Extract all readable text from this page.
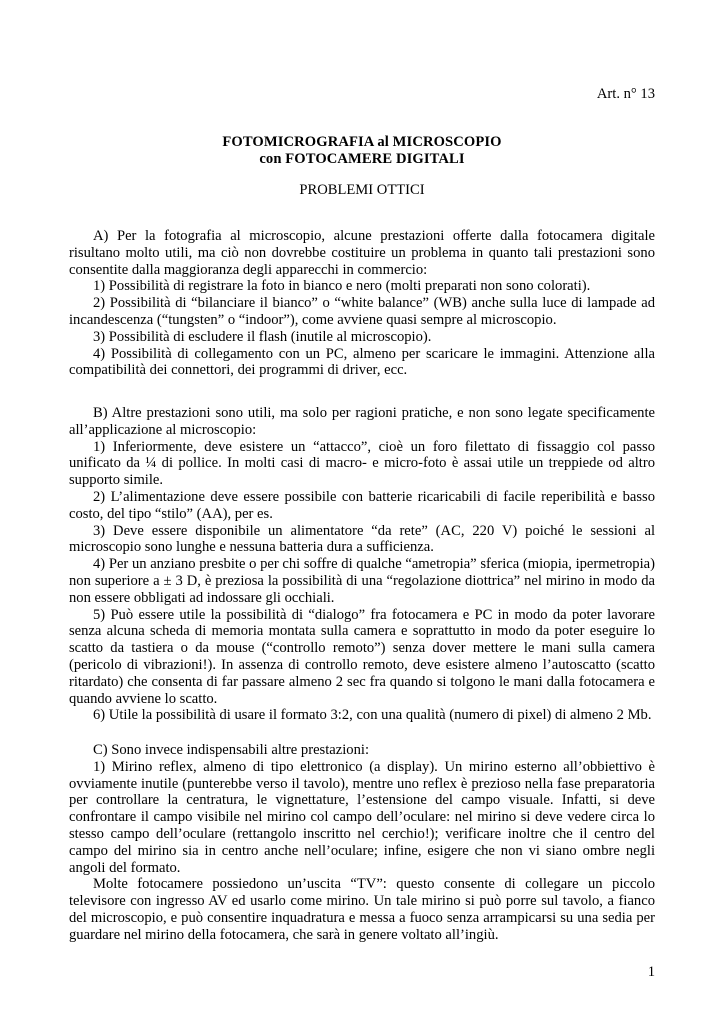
Art. n° 13
FOTOMICROGRAFIA al MICROSCOPIO
con FOTOCAMERE DIGITALI
PROBLEMI OTTICI

A) Per la fotografia al microscopio, alcune prestazioni offerte dalla fotocamera digitale risultano molto utili, ma ciò non dovrebbe costituire un problema in quanto tali prestazioni sono consentite dalla maggioranza degli apparecchi in commercio:

1) Possibilità di registrare la foto in bianco e nero (molti preparati non sono colorati).

2) Possibilità di “bilanciare il bianco” o “white balance” (WB) anche sulla luce di lampade ad incandescenza (“tungsten” o “indoor”), come avviene quasi sempre al microscopio.

3) Possibilità di escludere il flash (inutile al microscopio).

4) Possibilità di collegamento con un PC, almeno per scaricare le immagini. Attenzione alla compatibilità dei connettori, dei programmi di driver, ecc.

B) Altre prestazioni sono utili, ma solo per ragioni pratiche, e non sono legate specificamente all’applicazione al microscopio:

1) Inferiormente, deve esistere un “attacco”, cioè un foro filettato di fissaggio col passo unificato da ¼ di pollice. In molti casi di macro- e micro-foto è assai utile un treppiede od altro supporto simile.

2) L’alimentazione deve essere possibile con batterie ricaricabili di facile reperibilità e basso costo, del tipo “stilo” (AA), per es.

3) Deve essere disponibile un alimentatore “da rete” (AC, 220 V) poiché le sessioni al microscopio sono lunghe e nessuna batteria dura a sufficienza.

4) Per un anziano presbite o per chi soffre di qualche “ametropia” sferica (miopia, ipermetropia) non superiore a ± 3 D, è preziosa la possibilità di una “regolazione diottrica” nel mirino in modo da non essere obbligati ad indossare gli occhiali.

5) Può essere utile la possibilità di “dialogo” fra fotocamera e PC in modo da poter lavorare senza alcuna scheda di memoria montata sulla camera e soprattutto in modo da poter eseguire lo scatto da tastiera o da mouse (“controllo remoto”) senza dover mettere le mani sulla camera (pericolo di vibrazioni!). In assenza di controllo remoto, deve esistere almeno l’autoscatto (scatto ritardato) che consenta di far passare almeno 2 sec fra quando si tolgono le mani dalla fotocamera e quando avviene lo scatto.

6) Utile la possibilità di usare il formato 3:2, con una qualità (numero di pixel) di almeno 2 Mb.

C) Sono invece indispensabili altre prestazioni:

1) Mirino reflex, almeno di tipo elettronico (a display). Un mirino esterno all’obbiettivo è ovviamente inutile (punterebbe verso il tavolo), mentre uno reflex è prezioso nella fase preparatoria per controllare la centratura, le vignettature, l’estensione del campo visuale. Infatti, si deve confrontare il campo visibile nel mirino col campo dell’oculare: nel mirino si deve vedere circa lo stesso campo dell’oculare (rettangolo inscritto nel cerchio!); verificare inoltre che il centro del campo del mirino sia in centro anche nell’oculare; infine, esigere che non vi siano ombre negli angoli del formato.

Molte fotocamere possiedono un’uscita “TV”: questo consente di collegare un piccolo televisore con ingresso AV ed usarlo come mirino. Un tale mirino si può porre sul tavolo, a fianco del microscopio, e può consentire inquadratura e messa a fuoco senza arrampicarsi su una sedia per guardare nel mirino della fotocamera, che sarà in genere voltato all’ingiù.

1
